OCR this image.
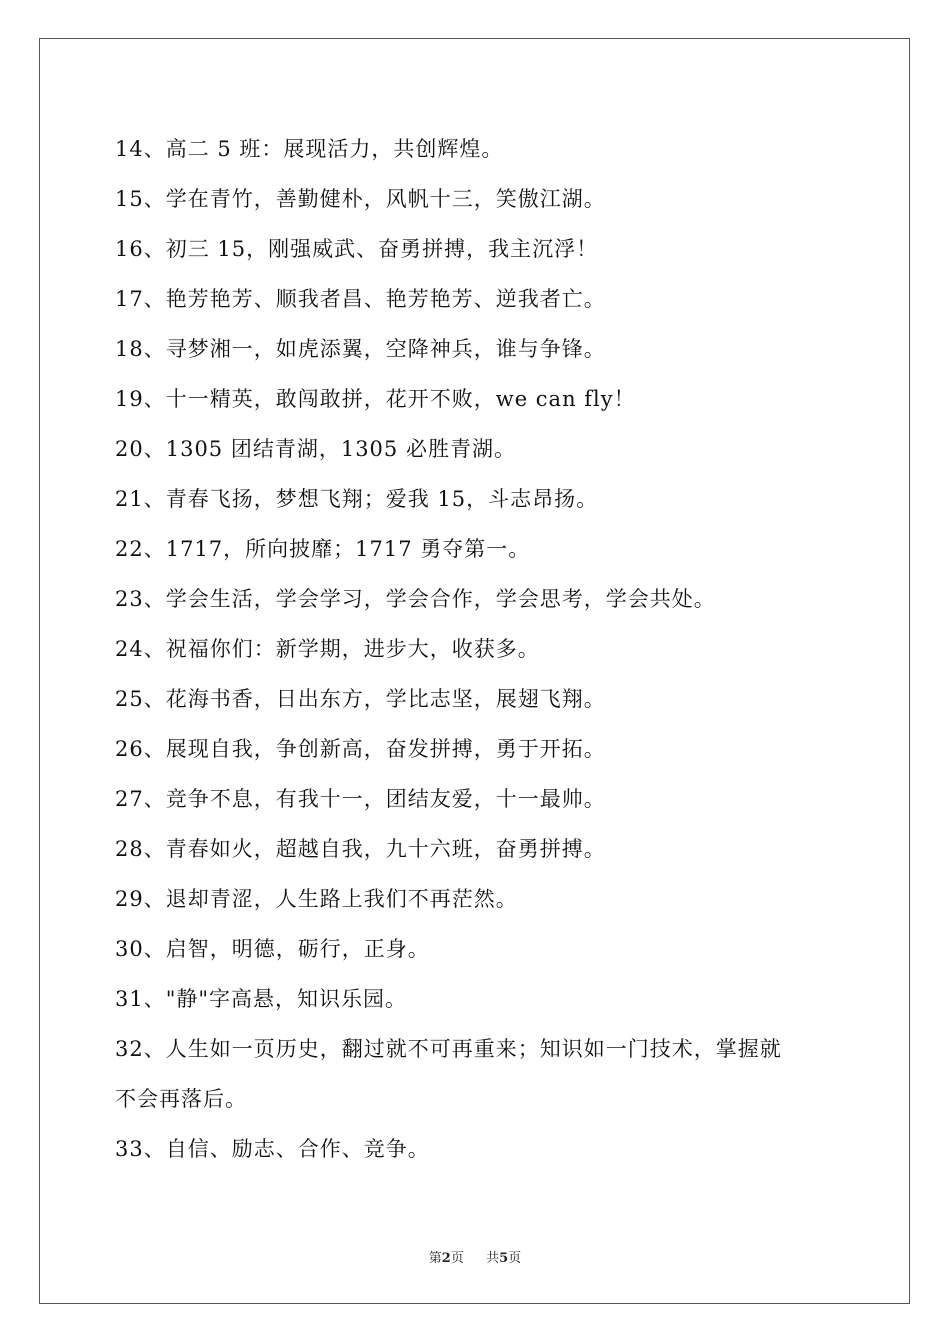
14、高二 5 班：展现活力，共创辉煌。
15、学在青竹，善勤健朴，风帆十三，笑傲江湖。
16、初三 15，刚强威武、奋勇拼搏，我主沉浮！
17、艳芳艳芳、顺我者昌、艳芳艳芳、逆我者亡。
18、寻梦湘一，如虎添翼，空降神兵，谁与争锋。
19、十一精英，敢闯敢拼，花开不败，we can fly！
20、1305 团结青湖，1305 必胜青湖。
21、青春飞扬，梦想飞翔；爱我 15，斗志昂扬。
22、1717，所向披靡；1717 勇夺第一。
23、学会生活，学会学习，学会合作，学会思考，学会共处。
24、祝福你们：新学期，进步大，收获多。
25、花海书香，日出东方，学比志坚，展翅飞翔。
26、展现自我，争创新高，奋发拼搏，勇于开拓。
27、竞争不息，有我十一，团结友爱，十一最帅。
28、青春如火，超越自我，九十六班，奋勇拼搏。
29、退却青涩，人生路上我们不再茫然。
30、启智，明德，砺行，正身。
31、"静"字高悬，知识乐园。
32、人生如一页历史，翻过就不可再重来；知识如一门技术，掌握就
不会再落后。
33、自信、励志、合作、竞争。
第2页 共5页
